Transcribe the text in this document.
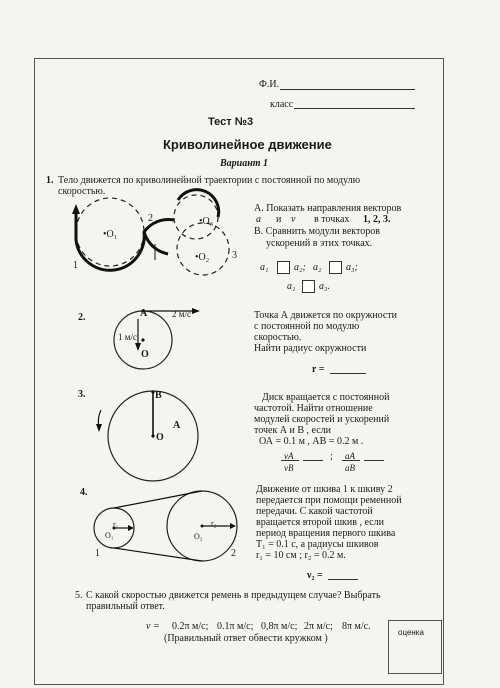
Ф.И.
класс
Тест №3
Криволинейное движение
Вариант 1
1. Тело движется по криволинейной траектории с постоянной по модулю
скоростью.
•O₁
•O₂
•O₃
1
2
3
А. Показать направления векторов
a и v в точках 1, 2, 3.
В. Сравнить модули векторов
ускорений в этих точках.
a₁	a₂; a₂ a₃;
a₁ a₃.
2.	А	2 м/с
1 м/с
О
Точка А движется по окружности
с постоянной по модулю
скоростью.
Найти радиус окружности
r =
3.	В
А
О
Диск вращается с постоянной
частотой. Найти отношение
модулей скоростей и ускорений
точек А и В , если
ОА = 0.1 м , АВ = 0.2 м .
vA
vB
; aA
aB
4.
r₁
O₁	O₂
r₂
1	2
Движение от шкива 1 к шкиву 2
передается при помощи ременной
передачи. С какой частотой
вращается второй шкив , если
период вращения первого шкива
T₁ = 0.1 с, а радиусы шкивов
r₁ = 10 см ; r₂ = 0.2 м.
ν₂ =
5. С какой скоростью движется ремень в предыдущем случае? Выбрать
правильный ответ.
v = 0.2π м/с; 0.1π м/с; 0,8π м/с; 2π м/с; 8π м/с.
(Правильный ответ обвести кружком )
оценка
